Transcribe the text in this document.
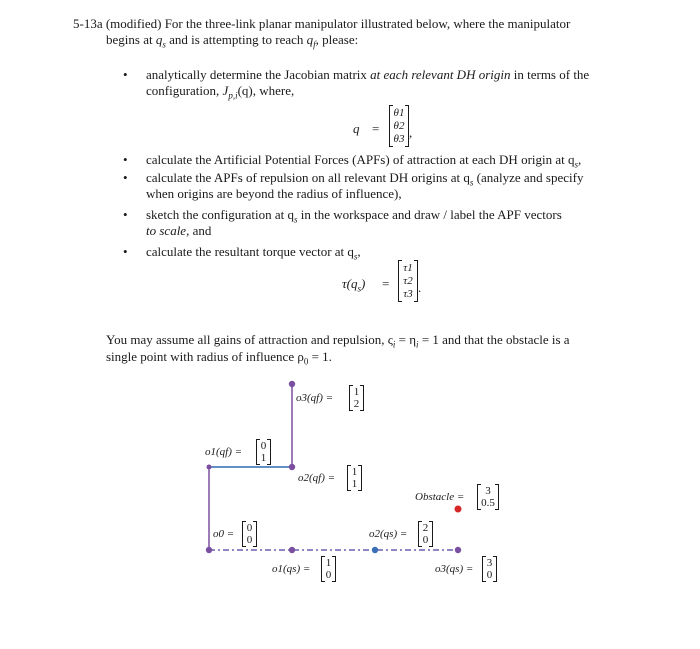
5-13a (modified) For the three-link planar manipulator illustrated below, where the manipulator
begins at $q_s$ and is attempting to reach $q_f$, please:
• analytically determine the Jacobian matrix at each relevant DH origin in terms of the
configuration, $J_{p,i}(q)$, where,
q =
θ1
θ2
θ3 ,
• calculate the Artificial Potential Forces (APFs) of attraction at each DH origin at $q_s$,
• calculate the APFs of repulsion on all relevant DH origins at $q_s$ (analyze and specify
when origins are beyond the radius of influence),
• sketch the configuration at $q_s$ in the workspace and draw / label the APF vectors
to scale, and
• calculate the resultant torque vector at $q_s$,
$\tau(q_s)$ =
τ1
τ2
τ3 .
You may assume all gains of attraction and repulsion, $\varsigma_i = \eta_i = 1$ and that the obstacle is a
single point with radius of influence $\rho_0 = 1$.
o3(qf) =	1
2
o1(qf) =	0
1
o2(qf) =	1
1
Obstacle =	3
0.5
o0 =	0
0	o2(qs) =	2
0
o1(qs) =	1
0	o3(qs) =	3
0
